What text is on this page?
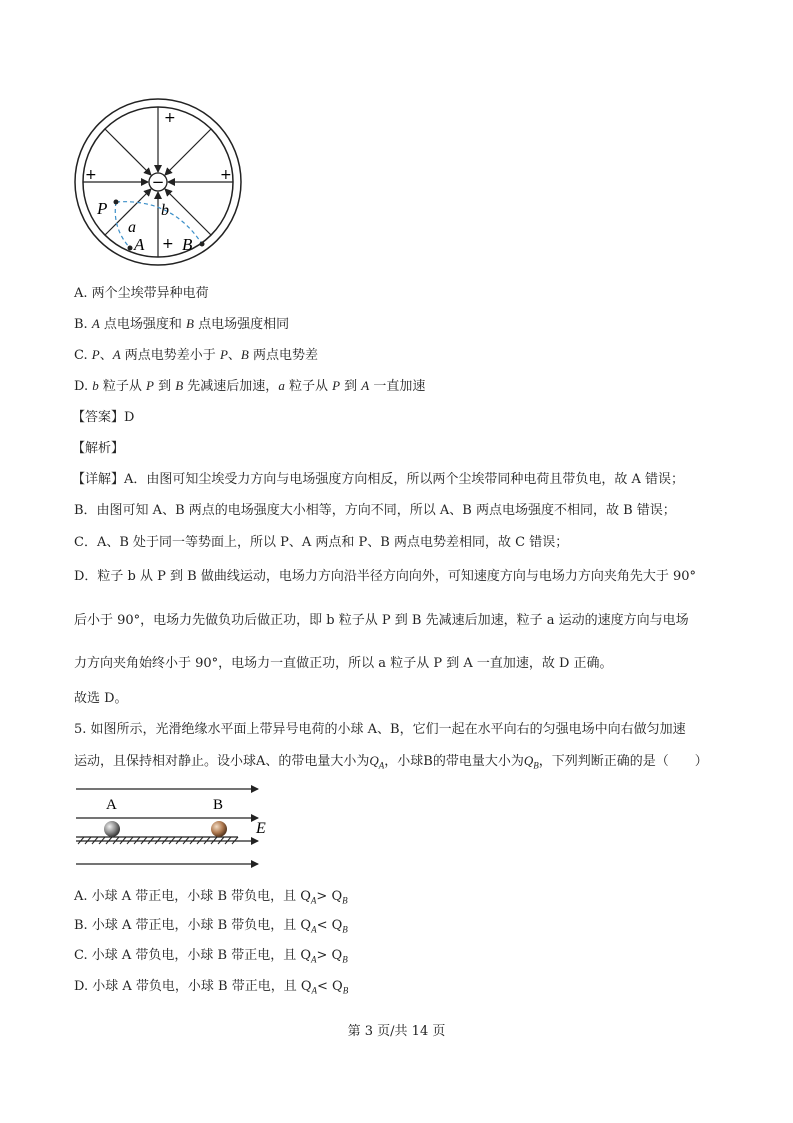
−
+
+	+
+
P
A B
a
b
A. 两个尘埃带异种电荷
B. A 点电场强度和 B 点电场强度相同
C. P、A 两点电势差小于 P、B 两点电势差
D. b 粒子从 P 到 B 先减速后加速，a 粒子从 P 到 A 一直加速
【答案】D
【解析】
【详解】A．由图可知尘埃受力方向与电场强度方向相反，所以两个尘埃带同种电荷且带负电，故 A 错误；
B．由图可知 A、B 两点的电场强度大小相等，方向不同，所以 A、B 两点电场强度不相同，故 B 错误；
C．A、B 处于同一等势面上，所以 P、A 两点和 P、B 两点电势差相同，故 C 错误；
D．粒子 b 从 P 到 B 做曲线运动，电场力方向沿半径方向向外，可知速度方向与电场力方向夹角先大于 90°
后小于 90°，电场力先做负功后做正功，即 b 粒子从 P 到 B 先减速后加速，粒子 a 运动的速度方向与电场
力方向夹角始终小于 90°，电场力一直做正功，所以 a 粒子从 P 到 A 一直加速，故 D 正确。
故选 D。
5. 如图所示，光滑绝缘水平面上带异号电荷的小球 A、B，它们一起在水平向右的匀强电场中向右做匀加速
运动，且保持相对静止。设小球A、的带电量大小为$Q_A$，小球B的带电量大小为$Q_B$，下列判断正确的是（　　）
A	B
E
A. 小球 A 带正电，小球 B 带负电，且 $Q_A> Q_B$
B. 小球 A 带正电，小球 B 带负电，且 $Q_A< Q_B$
C. 小球 A 带负电，小球 B 带正电，且 $Q_A> Q_B$
D. 小球 A 带负电，小球 B 带正电，且 $Q_A< Q_B$
第 3 页/共 14 页
